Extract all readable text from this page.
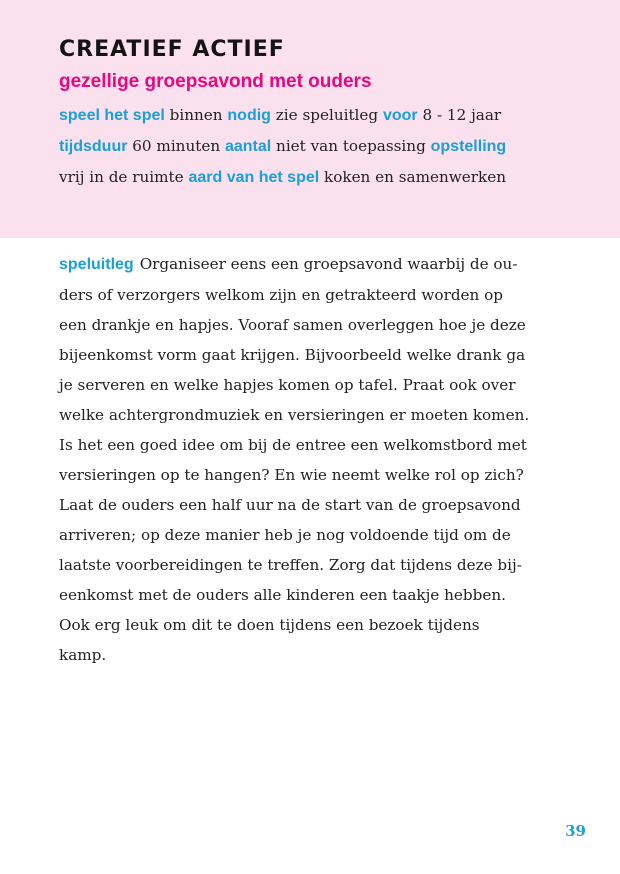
CREATIEF ACTIEF
gezellige groepsavond met ouders
speel het spel binnen nodig zie speluitleg voor 8 - 12 jaar
tijdsduur 60 minuten aantal niet van toepassing opstelling
vrij in de ruimte aard van het spel koken en samenwerken
speluitleg Organiseer eens een groepsavond waarbij de ou-
ders of verzorgers welkom zijn en getrakteerd worden op
een drankje en hapjes. Vooraf samen overleggen hoe je deze
bijeenkomst vorm gaat krijgen. Bijvoorbeeld welke drank ga
je serveren en welke hapjes komen op tafel. Praat ook over
welke achtergrondmuziek en versieringen er moeten komen.
Is het een goed idee om bij de entree een welkomstbord met
versieringen op te hangen? En wie neemt welke rol op zich?
Laat de ouders een half uur na de start van de groepsavond
arriveren; op deze manier heb je nog voldoende tijd om de
laatste voorbereidingen te treffen. Zorg dat tijdens deze bij-
eenkomst met de ouders alle kinderen een taakje hebben.
Ook erg leuk om dit te doen tijdens een bezoek tijdens
kamp.
39
